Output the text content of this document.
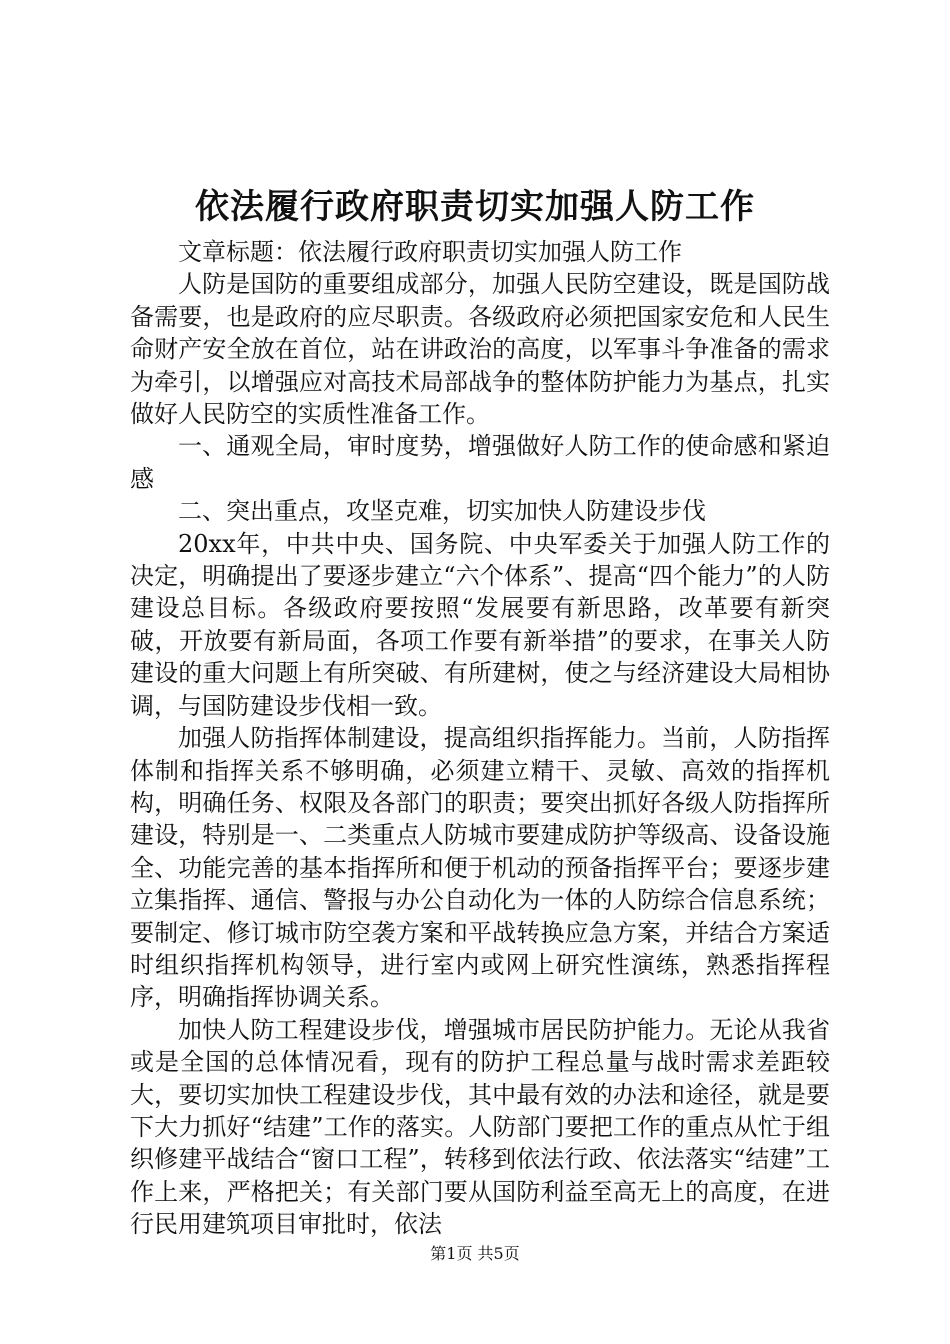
依法履行政府职责切实加强人防工作

文章标题：依法履行政府职责切实加强人防工作

人防是国防的重要组成部分，加强人民防空建设，既是国防战备需要，也是政府的应尽职责。各级政府必须把国家安危和人民生命财产安全放在首位，站在讲政治的高度，以军事斗争准备的需求为牵引，以增强应对高技术局部战争的整体防护能力为基点，扎实做好人民防空的实质性准备工作。

一、通观全局，审时度势，增强做好人防工作的使命感和紧迫感

二、突出重点，攻坚克难，切实加快人防建设步伐

20xx年，中共中央、国务院、中央军委关于加强人防工作的决定，明确提出了要逐步建立“六个体系”、提高“四个能力”的人防建设总目标。各级政府要按照“发展要有新思路，改革要有新突破，开放要有新局面，各项工作要有新举措”的要求，在事关人防建设的重大问题上有所突破、有所建树，使之与经济建设大局相协调，与国防建设步伐相一致。

加强人防指挥体制建设，提高组织指挥能力。当前，人防指挥体制和指挥关系不够明确，必须建立精干、灵敏、高效的指挥机构，明确任务、权限及各部门的职责；要突出抓好各级人防指挥所建设，特别是一、二类重点人防城市要建成防护等级高、设备设施全、功能完善的基本指挥所和便于机动的预备指挥平台；要逐步建立集指挥、通信、警报与办公自动化为一体的人防综合信息系统；要制定、修订城市防空袭方案和平战转换应急方案，并结合方案适时组织指挥机构领导，进行室内或网上研究性演练，熟悉指挥程序，明确指挥协调关系。

加快人防工程建设步伐，增强城市居民防护能力。无论从我省或是全国的总体情况看，现有的防护工程总量与战时需求差距较大，要切实加快工程建设步伐，其中最有效的办法和途径，就是要下大力抓好“结建”工作的落实。人防部门要把工作的重点从忙于组织修建平战结合“窗口工程”，转移到依法行政、依法落实“结建”工作上来，严格把关；有关部门要从国防利益至高无上的高度，在进行民用建筑项目审批时，依法

第1页 共5页
